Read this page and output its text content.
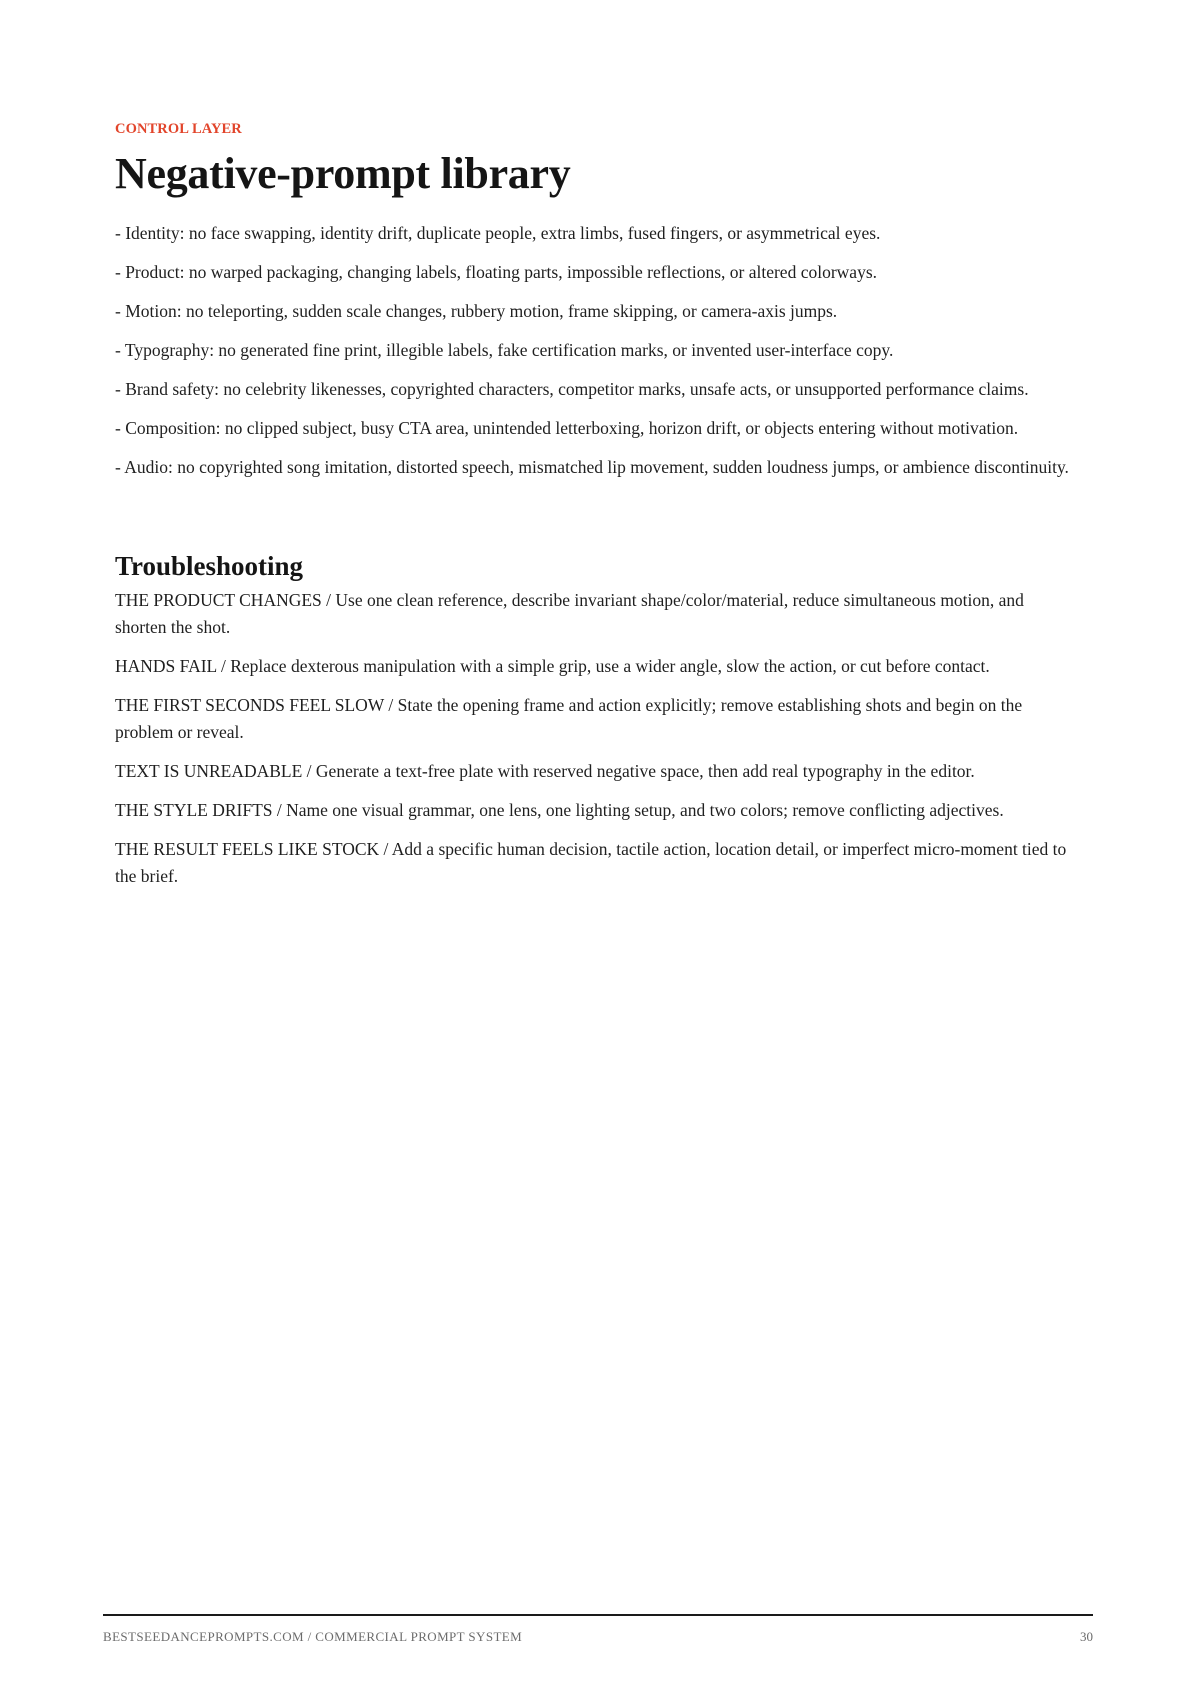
CONTROL LAYER
Negative-prompt library

- Identity: no face swapping, identity drift, duplicate people, extra limbs, fused fingers, or asymmetrical eyes.

- Product: no warped packaging, changing labels, floating parts, impossible reflections, or altered colorways.

- Motion: no teleporting, sudden scale changes, rubbery motion, frame skipping, or camera-axis jumps.

- Typography: no generated fine print, illegible labels, fake certification marks, or invented user-interface copy.

- Brand safety: no celebrity likenesses, copyrighted characters, competitor marks, unsafe acts, or unsupported performance claims.

- Composition: no clipped subject, busy CTA area, unintended letterboxing, horizon drift, or objects entering without motivation.

- Audio: no copyrighted song imitation, distorted speech, mismatched lip movement, sudden loudness jumps, or ambience discontinuity.

Troubleshooting

THE PRODUCT CHANGES / Use one clean reference, describe invariant shape/color/material, reduce simultaneous motion, and shorten the shot.

HANDS FAIL / Replace dexterous manipulation with a simple grip, use a wider angle, slow the action, or cut before contact.

THE FIRST SECONDS FEEL SLOW / State the opening frame and action explicitly; remove establishing shots and begin on the problem or reveal.

TEXT IS UNREADABLE / Generate a text-free plate with reserved negative space, then add real typography in the editor.

THE STYLE DRIFTS / Name one visual grammar, one lens, one lighting setup, and two colors; remove conflicting adjectives.

THE RESULT FEELS LIKE STOCK / Add a specific human decision, tactile action, location detail, or imperfect micro-moment tied to the brief.

BESTSEEDANCEPROMPTS.COM / COMMERCIAL PROMPT SYSTEM	30
